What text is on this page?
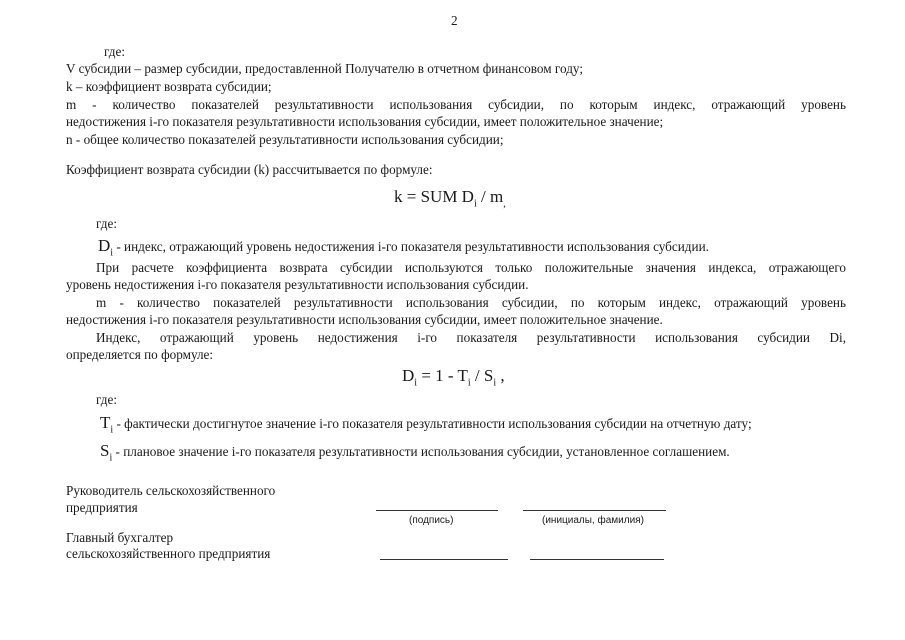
2
где:
V субсидии – размер субсидии, предоставленной Получателю в отчетном финансовом году;
k – коэффициент возврата субсидии;
m - количество показателей результативности использования субсидии, по которым индекс, отражающий уровень
недостижения i-го показателя результативности использования субсидии, имеет положительное значение;
n - общее количество показателей результативности использования субсидии;
Коэффициент возврата субсидии (k) рассчитывается по формуле:
k = SUM $D_i / m_,$
где:
$D_i$ - индекс, отражающий уровень недостижения i-го показателя результативности использования субсидии.
При расчете коэффициента возврата субсидии используются только положительные значения индекса, отражающего
уровень недостижения i-го показателя результативности использования субсидии.
m - количество показателей результативности использования субсидии, по которым индекс, отражающий уровень
недостижения i-го показателя результативности использования субсидии, имеет положительное значение.
Индекс, отражающий уровень недостижения i-го показателя результативности использования субсидии Di,
определяется по формуле:
$D_i = 1 - T_i / S_i$ ,
где:
$T_i$ - фактически достигнутое значение i-го показателя результативности использования субсидии на отчетную дату;
$S_i$ - плановое значение i-го показателя результативности использования субсидии, установленное соглашением.
Руководитель сельскохозяйственного
предприятия
(подпись)	(инициалы, фамилия)
Главный бухгалтер
сельскохозяйственного предприятия
